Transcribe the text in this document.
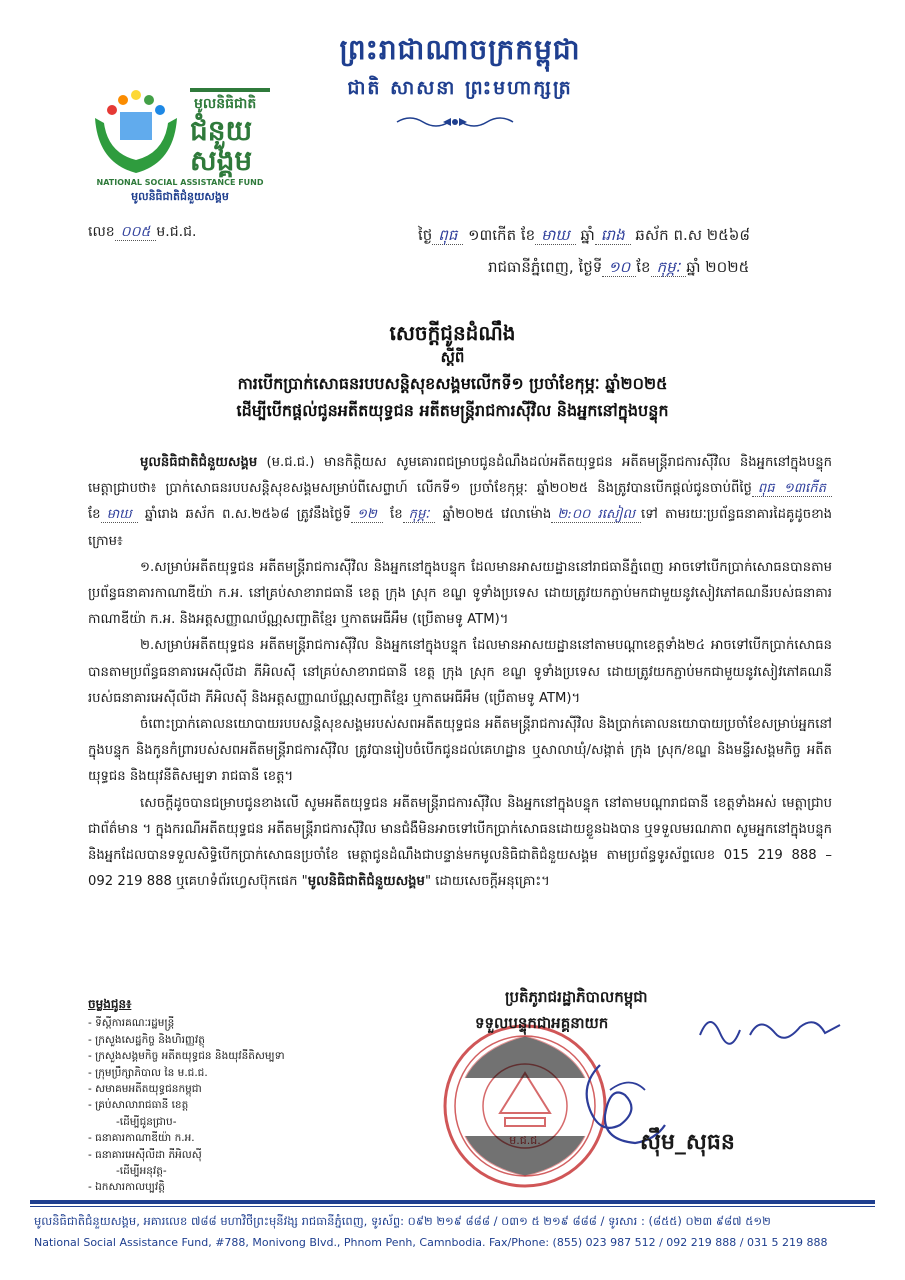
ព្រះរាជាណាចក្រកម្ពុជា
ជាតិ សាសនា ព្រះមហាក្សត្រ
មូលនិធិជាតិ
ជំនួយ
សង្គម
NATIONAL SOCIAL ASSISTANCE FUND
មូលនិធិជាតិជំនួយសង្គម
លេខ ០០៥ ម.ជ.ជ.	ថ្ងៃ ពុធ ១៣កើត ខែ មាឃ ឆ្នាំ រោង ឆស័ក ព.ស ២៥៦៨
រាជធានីភ្នំពេញ, ថ្ងៃទី ១០ ខែ កុម្ភៈ ឆ្នាំ ២០២៥
សេចក្តីជូនដំណឹង
ស្តីពី
ការបើកប្រាក់សោធនរបបសន្តិសុខសង្គមលើកទី១ ប្រចាំខែកុម្ភៈ ឆ្នាំ២០២៥
ដើម្បីបើកផ្តល់ជូនអតីតយុទ្ធជន អតីតមន្ត្រីរាជការស៊ីវិល និងអ្នកនៅក្នុងបន្ទុក

មូលនិធិជាតិជំនួយសង្គម (ម.ជ.ជ.) មានកិត្តិយស សូមគោរពជម្រាបជូនដំណឹងដល់អតីតយុទ្ធជន អតីតមន្ត្រីរាជការស៊ីវិល និងអ្នកនៅក្នុងបន្ទុក មេត្តាជ្រាបថា៖ ប្រាក់សោធនរបបសន្តិសុខសង្គមសម្រាប់ពីសេព្ទាហ៍ លើកទី១ ប្រចាំខែកុម្ភៈ ឆ្នាំ២០២៥ និងត្រូវបានបើកផ្តល់ជូនចាប់ពីថ្ងៃ ពុធ ១៣កើត ខែ មាឃ ឆ្នាំរោង ឆស័ក ព.ស.២៥៦៨ ត្រូវនឹងថ្ងៃទី ១២ ខែ កុម្ភៈ ឆ្នាំ២០២៥ វេលាម៉ោង ២:០០ រសៀល ទៅ តាមរយៈប្រព័ន្ធធនាគារដៃគូដូចខាងក្រោម៖

១.សម្រាប់អតីតយុទ្ធជន អតីតមន្ត្រីរាជការស៊ីវិល និងអ្នកនៅក្នុងបន្ទុក ដែលមានអាសយដ្ឋាននៅរាជធានីភ្នំពេញ អាចទៅបើកប្រាក់សោធនបានតាមប្រព័ន្ធធនាគារកាណាឌីយ៉ា ក.អ. នៅគ្រប់សាខារាជធានី ខេត្ត ក្រុង ស្រុក ខណ្ឌ ទូទាំងប្រទេស ដោយត្រូវយកភ្ជាប់មកជាមួយនូវសៀវភៅគណនីរបស់ធនាគារកាណាឌីយ៉ា ក.អ. និងអត្តសញ្ញាណប័ណ្ណសញ្ជាតិខ្មែរ ឬកាតអេធីអឹម (ប្រើតាមទូ ATM)។

២.សម្រាប់អតីតយុទ្ធជន អតីតមន្ត្រីរាជការស៊ីវិល និងអ្នកនៅក្នុងបន្ទុក ដែលមានអាសយដ្ឋាននៅតាមបណ្តាខេត្តទាំង២៤ អាចទៅបើកប្រាក់សោធនបានតាមប្រព័ន្ធធនាគារអេស៊ីលីដា ភីអិលស៊ី នៅគ្រប់សាខារាជធានី ខេត្ត ក្រុង ស្រុក ខណ្ឌ ទូទាំងប្រទេស ដោយត្រូវយកភ្ជាប់មកជាមួយនូវសៀវភៅគណនីរបស់ធនាគារអេស៊ីលីដា ភីអិលស៊ី និងអត្តសញ្ញាណប័ណ្ណសញ្ជាតិខ្មែរ ឬកាតអេធីអឹម (ប្រើតាមទូ ATM)។

ចំពោះប្រាក់គោលនយោបាយរបបសន្តិសុខសង្គមរបស់សពអតីតយុទ្ធជន អតីតមន្ត្រីរាជការស៊ីវិល និងប្រាក់គោលនយោបាយប្រចាំខែសម្រាប់អ្នកនៅក្នុងបន្ទុក និងកូនកំព្រារបស់សពអតីតមន្ត្រីរាជការស៊ីវិល ត្រូវបានរៀបចំបើកជូនដល់គេហដ្ឋាន ឬសាលាឃុំ/សង្កាត់ ក្រុង ស្រុក/ខណ្ឌ និងមន្ទីរសង្គមកិច្ច អតីតយុទ្ធជន និងយុវនីតិសម្បទា រាជធានី ខេត្ត។

សេចក្តីដូចបានជម្រាបជូនខាងលើ សូមអតីតយុទ្ធជន អតីតមន្ត្រីរាជការស៊ីវិល និងអ្នកនៅក្នុងបន្ទុក នៅតាមបណ្តារាជធានី ខេត្តទាំងអស់ មេត្តាជ្រាបជាព័ត៌មាន ។ ក្នុងករណីអតីតយុទ្ធជន អតីតមន្ត្រីរាជការស៊ីវិល មានជំងឺមិនអាចទៅបើកប្រាក់សោធនដោយខ្លួនឯងបាន ឬទទួលមរណភាព សូមអ្នកនៅក្នុងបន្ទុក និងអ្នកដែលបានទទួលសិទ្ធិបើកប្រាក់សោធនប្រចាំខែ មេត្តាជូនដំណឹងជាបន្ទាន់មកមូលនិធិជាតិជំនួយសង្គម តាមប្រព័ន្ធទូរស័ព្ទលេខ 015 219 888 – 092 219 888 ឬគេហទំព័រហ្វេសប៊ុកផេក "មូលនិធិជាតិជំនួយសង្គម" ដោយសេចក្តីអនុគ្រោះ។

ចម្លងជូន៖
- ទីស្តីការគណៈរដ្ឋមន្ត្រី
- ក្រសួងសេដ្ឋកិច្ច និងហិរញ្ញវត្ថុ
- ក្រសួងសង្គមកិច្ច អតីតយុទ្ធជន និងយុវនីតិសម្បទា
- ក្រុមប្រឹក្សាភិបាល នៃ ម.ជ.ជ.
- សមាគមអតីតយុទ្ធជនកម្ពុជា
- គ្រប់សាលារាជធានី ខេត្ត
-ដើម្បីជូនជ្រាប-
- ធនាគារកាណាឌីយ៉ា ក.អ.
- ធនាគារអេស៊ីលីដា ភីអិលស៊ី
-ដើម្បីអនុវត្ត-
- ឯកសារកាលប្បវត្តិ
ប្រតិភូរាជរដ្ឋាភិបាលកម្ពុជា
ទទួលបន្ទុកជាអគ្គនាយក
ស៊ឹម_សុធន
មូលនិធិជាតិជំនួយសង្គម, អគារលេខ ៧៨៨ មហាវិថីព្រះមុនីវង្ស រាជធានីភ្នំពេញ, ទូរស័ព្ទ: ០៩២ ២១៩ ៨៨៨ / ០៣១ ៥ ២១៩ ៨៨៨ / ទូរសារ : (៨៥៥) ០២៣ ៩៨៧ ៥១២
National Social Assistance Fund, #788, Monivong Blvd., Phnom Penh, Camnbodia. Fax/Phone: (855) 023 987 512 / 092 219 888 / 031 5 219 888
